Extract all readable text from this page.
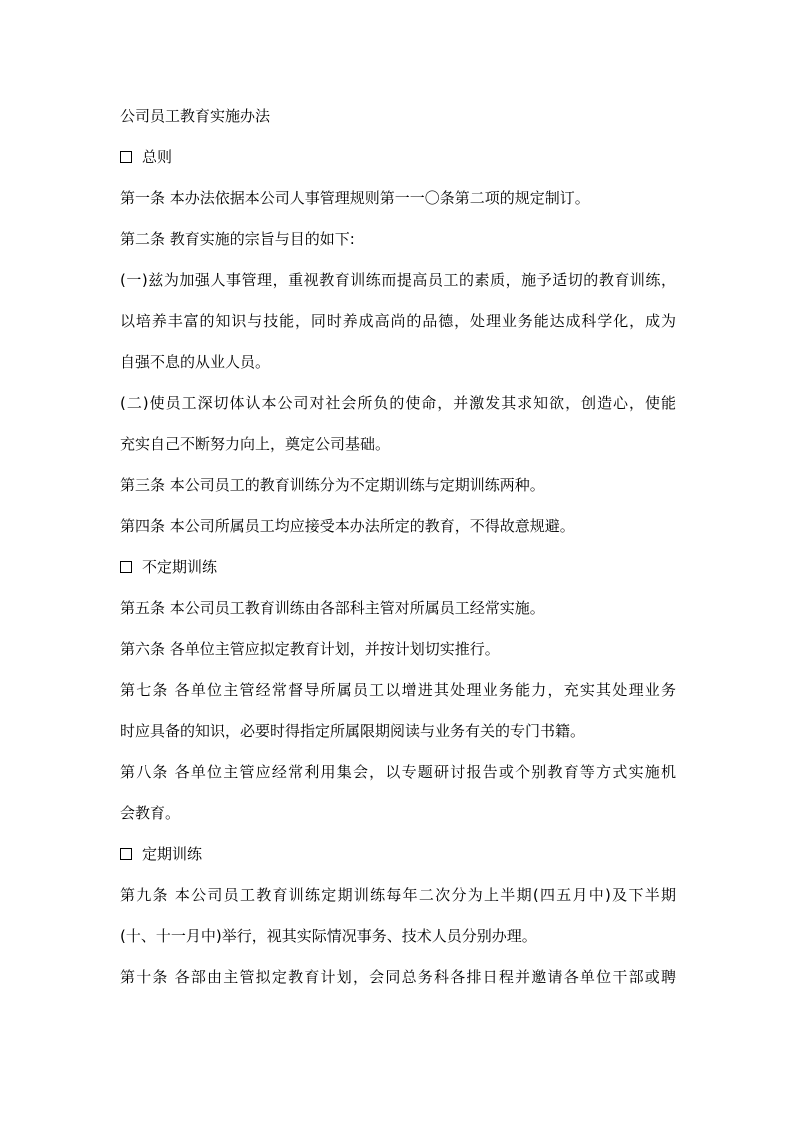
公司员工教育实施办法
总则
第一条 本办法依据本公司人事管理规则第一一〇条第二项的规定制订。
第二条 教育实施的宗旨与目的如下:
(一)兹为加强人事管理，重视教育训练而提高员工的素质，施予适切的教育训练，
以培养丰富的知识与技能，同时养成高尚的品德，处理业务能达成科学化，成为
自强不息的从业人员。
(二)使员工深切体认本公司对社会所负的使命，并激发其求知欲，创造心，使能
充实自己不断努力向上，奠定公司基础。
第三条 本公司员工的教育训练分为不定期训练与定期训练两种。
第四条 本公司所属员工均应接受本办法所定的教育，不得故意规避。
不定期训练
第五条 本公司员工教育训练由各部科主管对所属员工经常实施。
第六条 各单位主管应拟定教育计划，并按计划切实推行。
第七条 各单位主管经常督导所属员工以增进其处理业务能力，充实其处理业务
时应具备的知识，必要时得指定所属限期阅读与业务有关的专门书籍。
第八条 各单位主管应经常利用集会，以专题研讨报告或个别教育等方式实施机
会教育。
定期训练
第九条 本公司员工教育训练定期训练每年二次分为上半期(四五月中)及下半期
(十、十一月中)举行，视其实际情况事务、技术人员分别办理。
第十条 各部由主管拟定教育计划，会同总务科各排日程并邀请各单位干部或聘
